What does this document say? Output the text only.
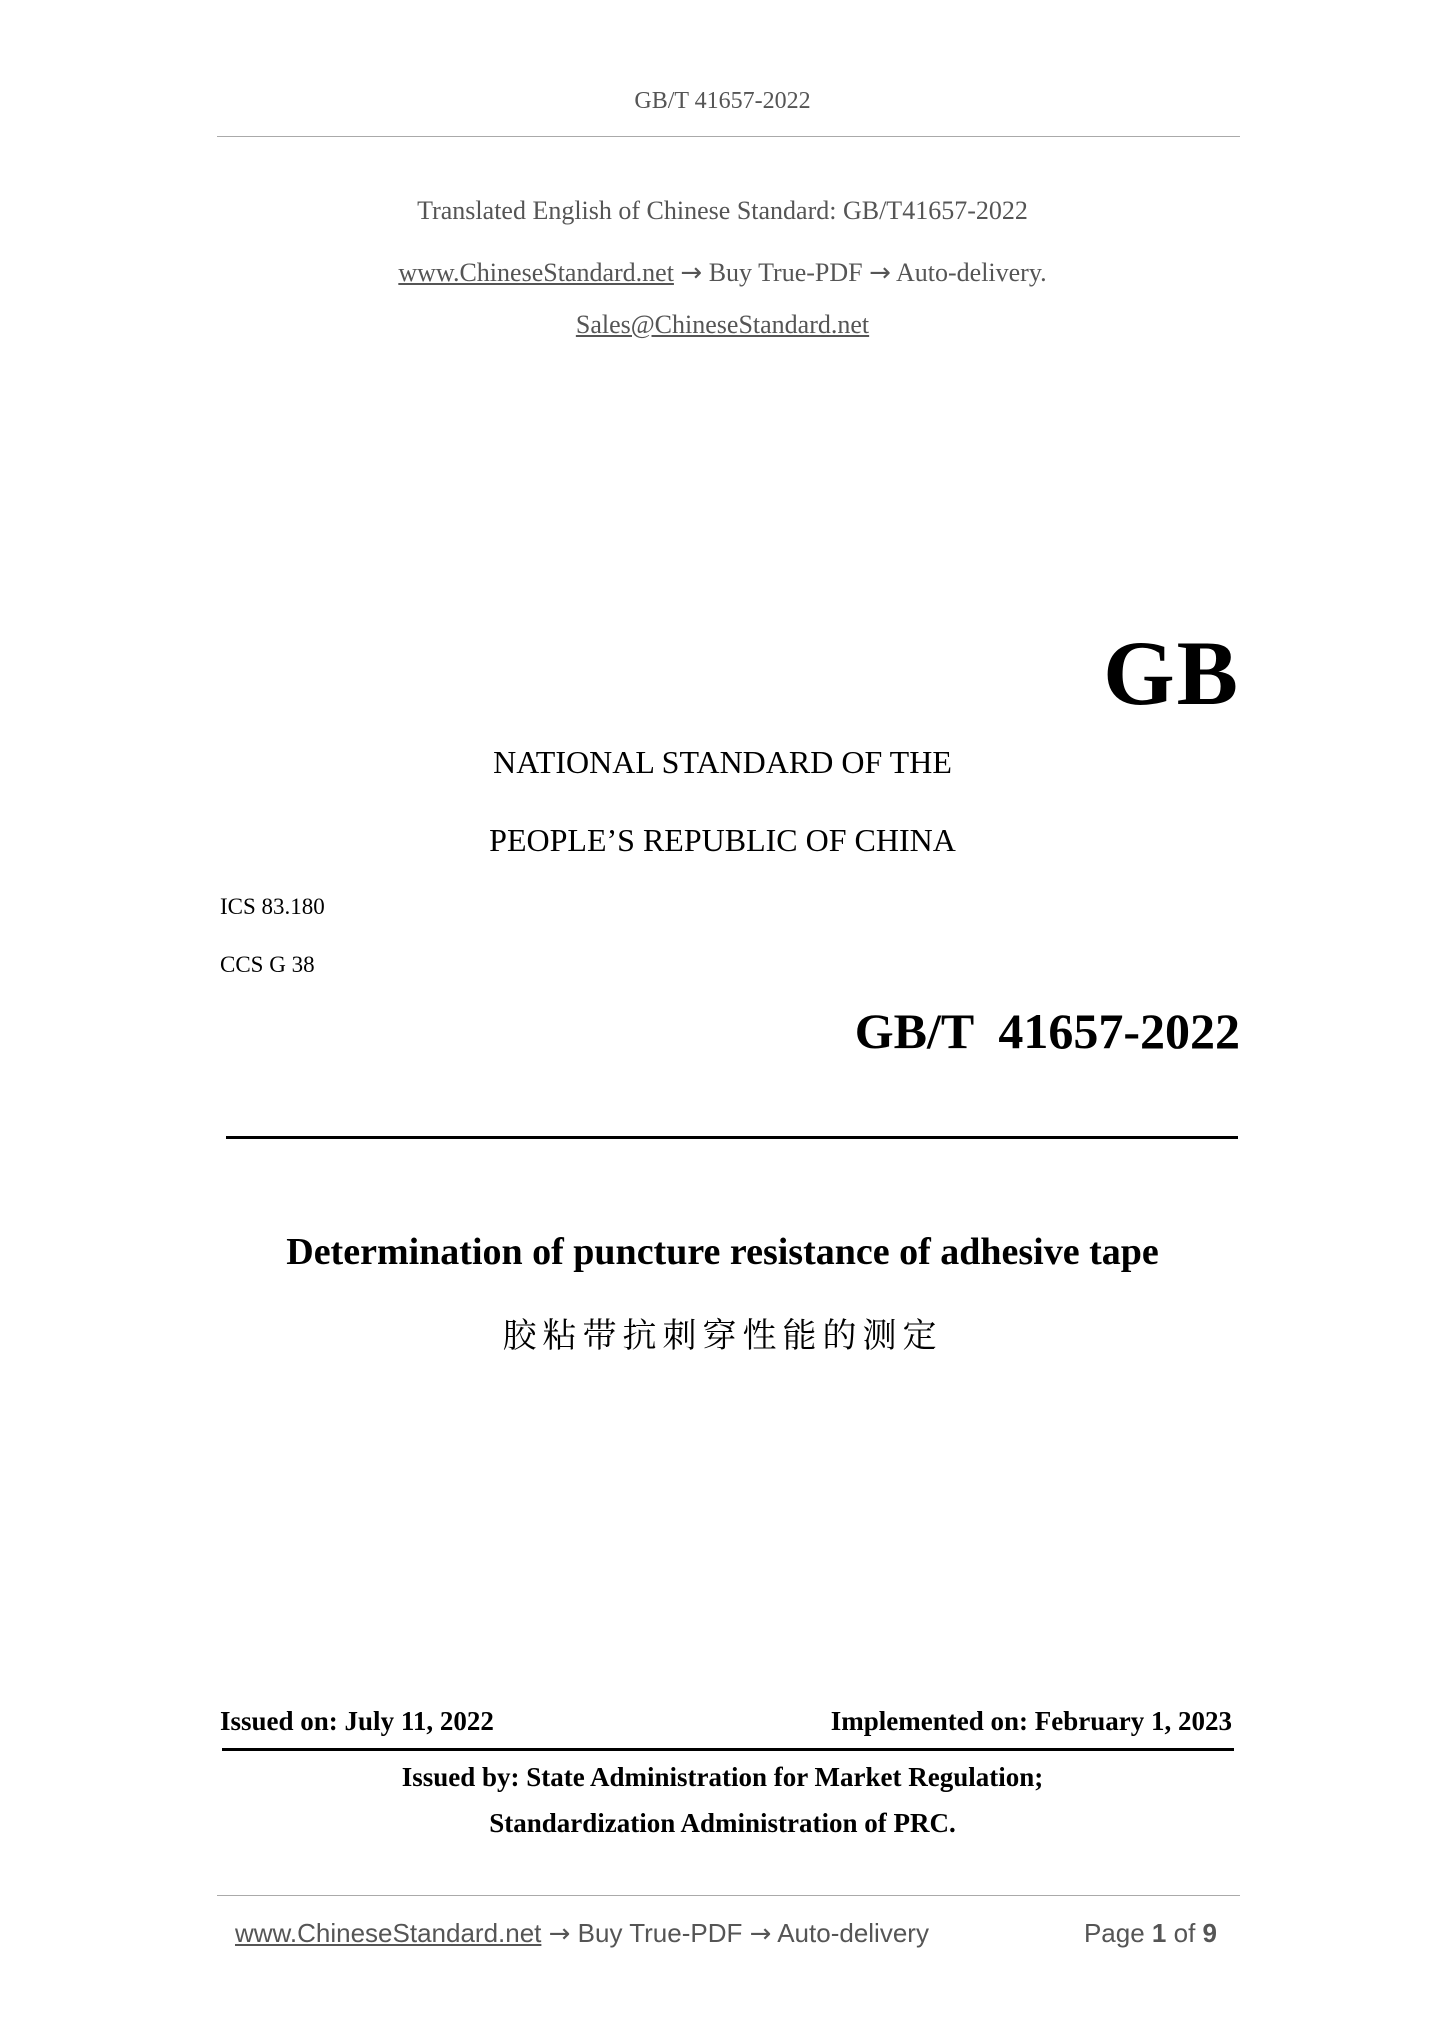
GB/T 41657-2022
Translated English of Chinese Standard: GB/T41657-2022
www.ChineseStandard.net → Buy True-PDF → Auto-delivery.
Sales@ChineseStandard.net
GB
NATIONAL STANDARD OF THE
PEOPLE’S REPUBLIC OF CHINA
ICS 83.180
CCS G 38
GB/T  41657-2022
Determination of puncture resistance of adhesive tape
胶粘带抗刺穿性能的测定
Issued on: July 11, 2022	Implemented on: February 1, 2023
Issued by: State Administration for Market Regulation;
Standardization Administration of PRC.
www.ChineseStandard.net → Buy True-PDF → Auto-delivery	Page 1 of 9
